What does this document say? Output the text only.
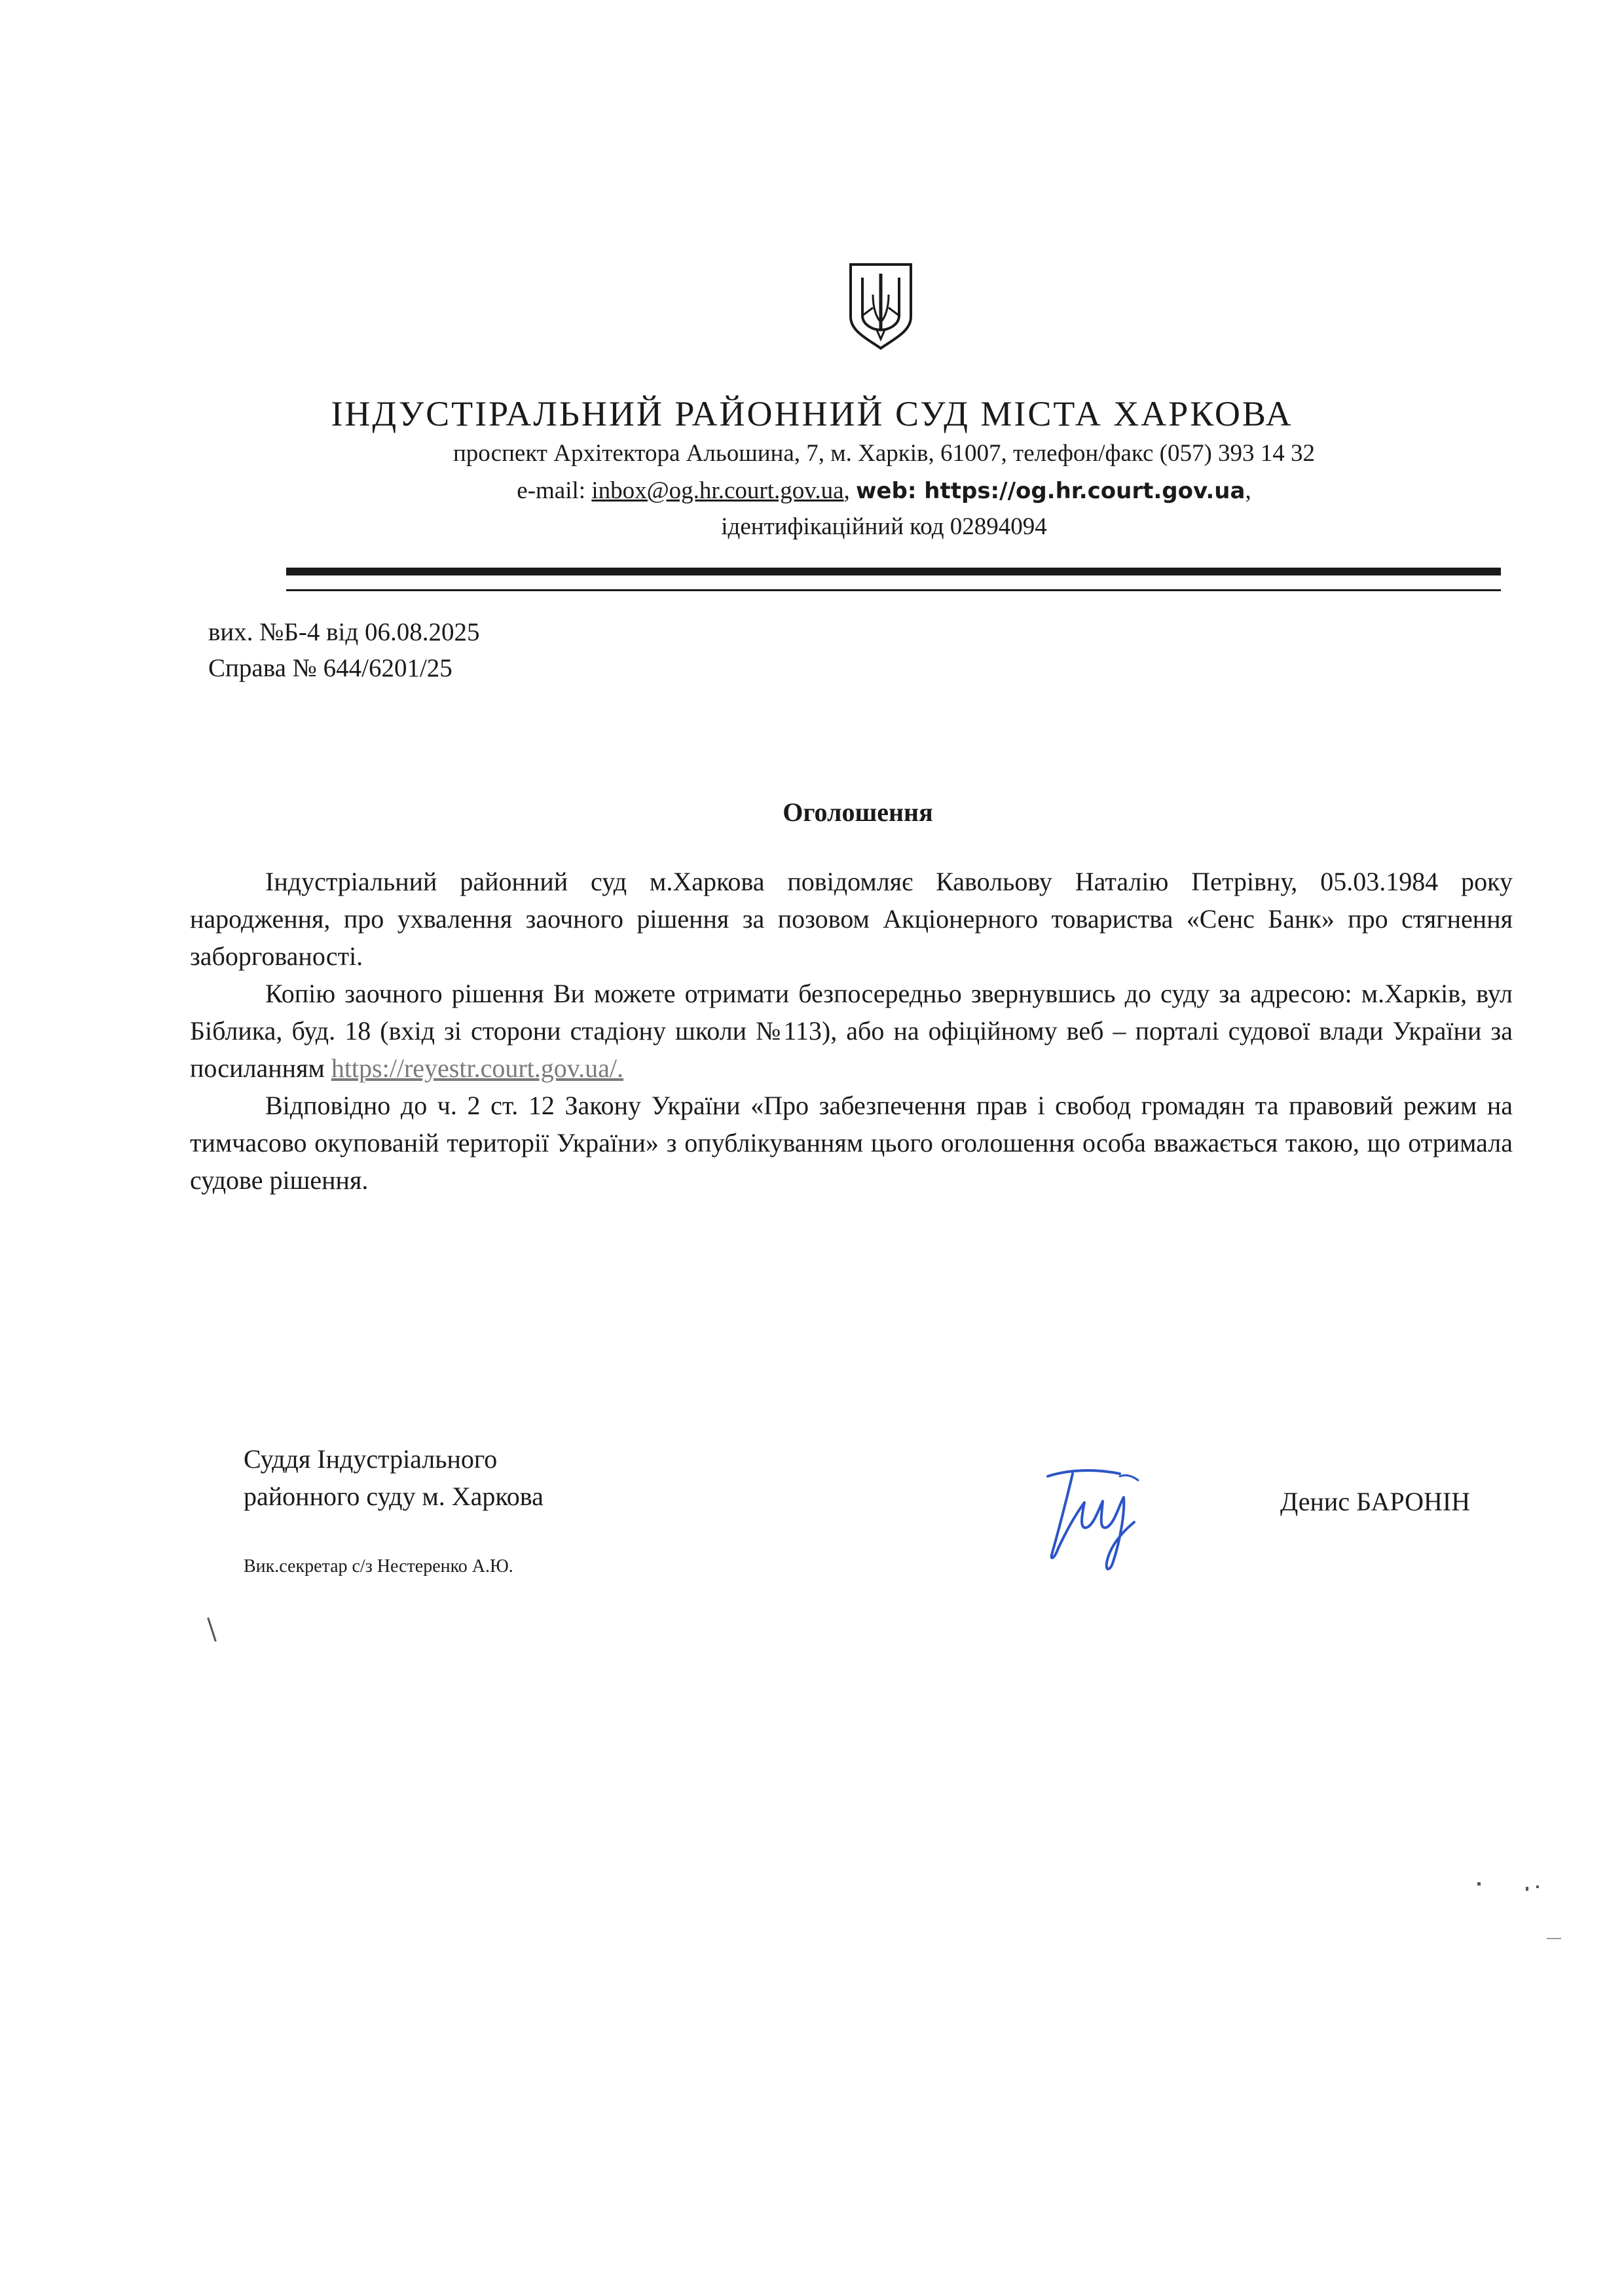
ІНДУСТІРАЛЬНИЙ РАЙОННИЙ СУД МІСТА ХАРКОВА
проспект Архітектора Альошина, 7, м. Харків, 61007, телефон/факс (057) 393 14 32
e-mail: inbox@og.hr.court.gov.ua, web: https://og.hr.court.gov.ua,
ідентифікаційний код 02894094
вих. №Б-4 від 06.08.2025
Справа № 644/6201/25
Оголошення

Індустріальний районний суд м.Харкова повідомляє Кавольову Наталію Петрівну, 05.03.1984 року народження, про ухвалення заочного рішення за позовом Акціонерного товариства «Сенс Банк» про стягнення заборгованості.

Копію заочного рішення Ви можете отримати безпосередньо звернувшись до суду за адресою: м.Харків, вул Біблика, буд. 18 (вхід зі сторони стадіону школи №113), або на офіційному веб – порталі судової влади України за посиланням https://reyestr.court.gov.ua/.

Відповідно до ч. 2 ст. 12 Закону України «Про забезпечення прав і свобод громадян та правовий режим на тимчасово окупованій території України» з опублікуванням цього оголошення особа вважається такою, що отримала судове рішення.

Суддя Індустріального
районного суду м. Харкова	Денис БАРОНІН
Вик.секретар с/з Нестеренко А.Ю.
